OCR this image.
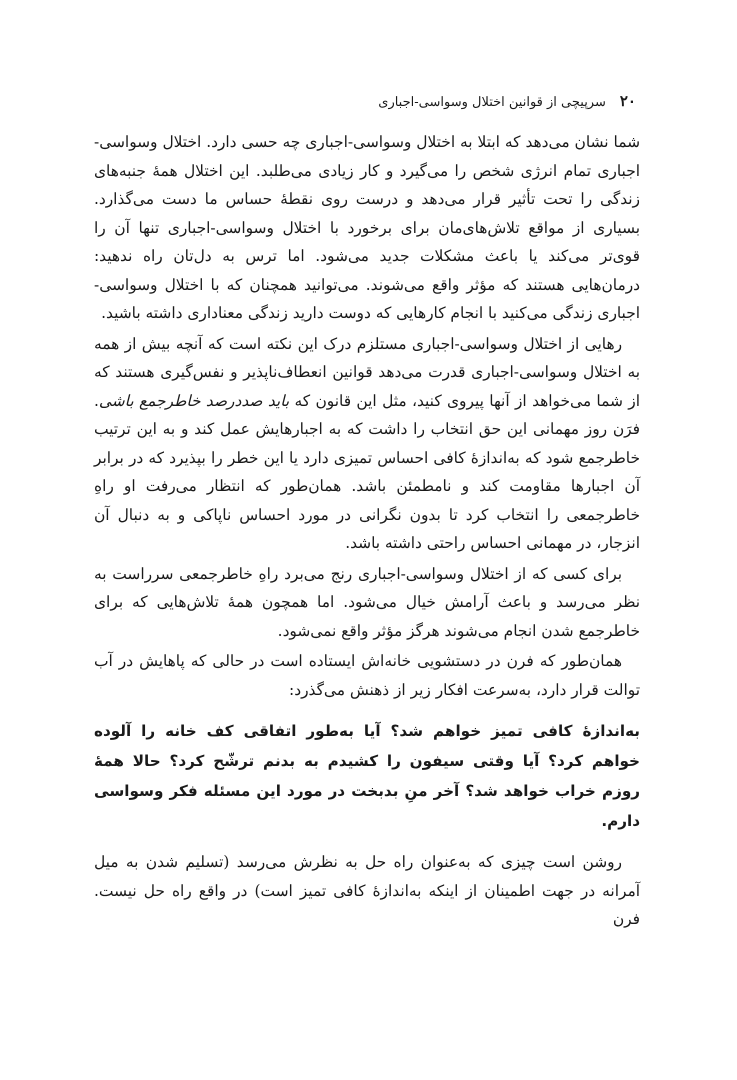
۲۰
سرپیچی از قوانین اختلال وسواسی-اجباری

شما نشان می‌دهد که ابتلا به اختلال وسواسی-اجباری چه حسی دارد. اختلال وسواسی-اجباری تمام انرژی شخص را می‌گیرد و کار زیادی می‌طلبد. این اختلال همهٔ جنبه‌های زندگی را تحت تأثیر قرار می‌دهد و درست روی نقطهٔ حساس ما دست می‌گذارد. بسیاری از مواقع تلاش‌های‌مان برای برخورد با اختلال وسواسی-اجباری تنها آن را قوی‌تر می‌کند یا باعث مشکلات جدید می‌شود. اما ترس به دل‌تان راه ندهید: درمان‌هایی هستند که مؤثر واقع می‌شوند. می‌توانید همچنان که با اختلال وسواسی-اجباری زندگی می‌کنید با انجام کارهایی که دوست دارید زندگی معناداری داشته باشید.

رهایی از اختلال وسواسی-اجباری مستلزم درک این نکته است که آنچه بیش از همه به اختلال وسواسی-اجباری قدرت می‌دهد قوانین انعطاف‌ناپذیر و نفس‌گیری هستند که از شما می‌خواهد از آنها پیروی کنید، مثل این قانون که باید صددرصد خاطرجمع باشی. فرَن روز مهمانی این حق انتخاب را داشت که به اجبارهایش عمل کند و به این ترتیب خاطرجمع شود که به‌اندازهٔ کافی احساس تمیزی دارد یا این خطر را بپذیرد که در برابر آن اجبارها مقاومت کند و نامطمئن باشد. همان‌طور که انتظار می‌رفت او راهِ خاطرجمعی را انتخاب کرد تا بدون نگرانی در مورد احساس ناپاکی و به دنبال آن انزجار، در مهمانی احساس راحتی داشته باشد.

برای کسی که از اختلال وسواسی-اجباری رنج می‌برد راهِ خاطرجمعی سرراست به نظر می‌رسد و باعث آرامش خیال می‌شود. اما همچون همهٔ تلاش‌هایی که برای خاطرجمع شدن انجام می‌شوند هرگز مؤثر واقع نمی‌شود.

همان‌طور که فرن در دستشویی خانه‌اش ایستاده است در حالی که پاهایش در آب توالت قرار دارد، به‌سرعت افکار زیر از ذهنش می‌گذرد:

به‌اندازهٔ کافی تمیز خواهم شد؟ آیا به‌طور اتفاقی کف خانه را آلوده خواهم کرد؟ آیا وقتی سیفون را کشیدم به بدنم ترشّح کرد؟ حالا همهٔ روزم خراب خواهد شد؟ آخر منِ بدبخت در مورد این مسئله فکر وسواسی دارم.

روشن است چیزی که به‌عنوان راه حل به نظرش می‌رسد (تسلیم شدن به میل آمرانه در جهت اطمینان از اینکه به‌اندازهٔ کافی تمیز است) در واقع راه حل نیست. فرن
